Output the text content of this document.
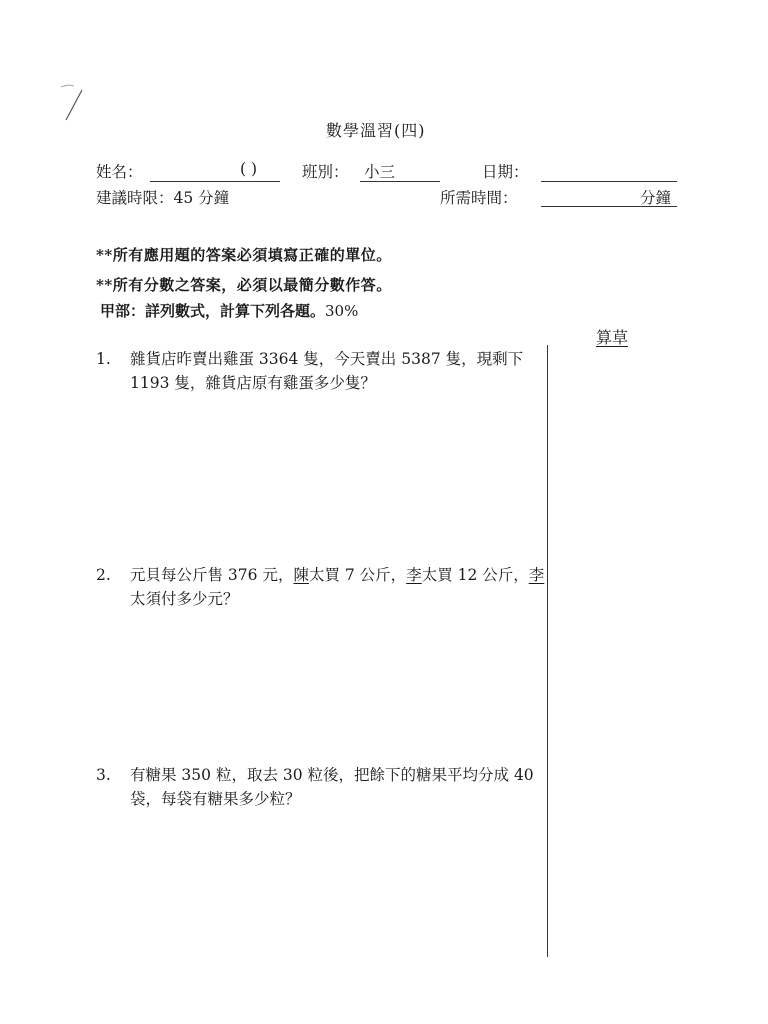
數學溫習(四)
姓名：	( )	班別： 小三	日期：
建議時限：45 分鐘	所需時間：	分鐘
**所有應用題的答案必須填寫正確的單位。
**所有分數之答案，必須以最簡分數作答。
甲部：詳列數式，計算下列各題。30%
算草
1. 雜貨店昨賣出雞蛋 3364 隻，今天賣出 5387 隻，現剩下 1193 隻，雜貨店原有雞蛋多少隻？
2. 元貝每公斤售 376 元，陳太買 7 公斤，李太買 12 公斤，李太須付多少元？
3. 有糖果 350 粒，取去 30 粒後，把餘下的糖果平均分成 40 袋，每袋有糖果多少粒？
